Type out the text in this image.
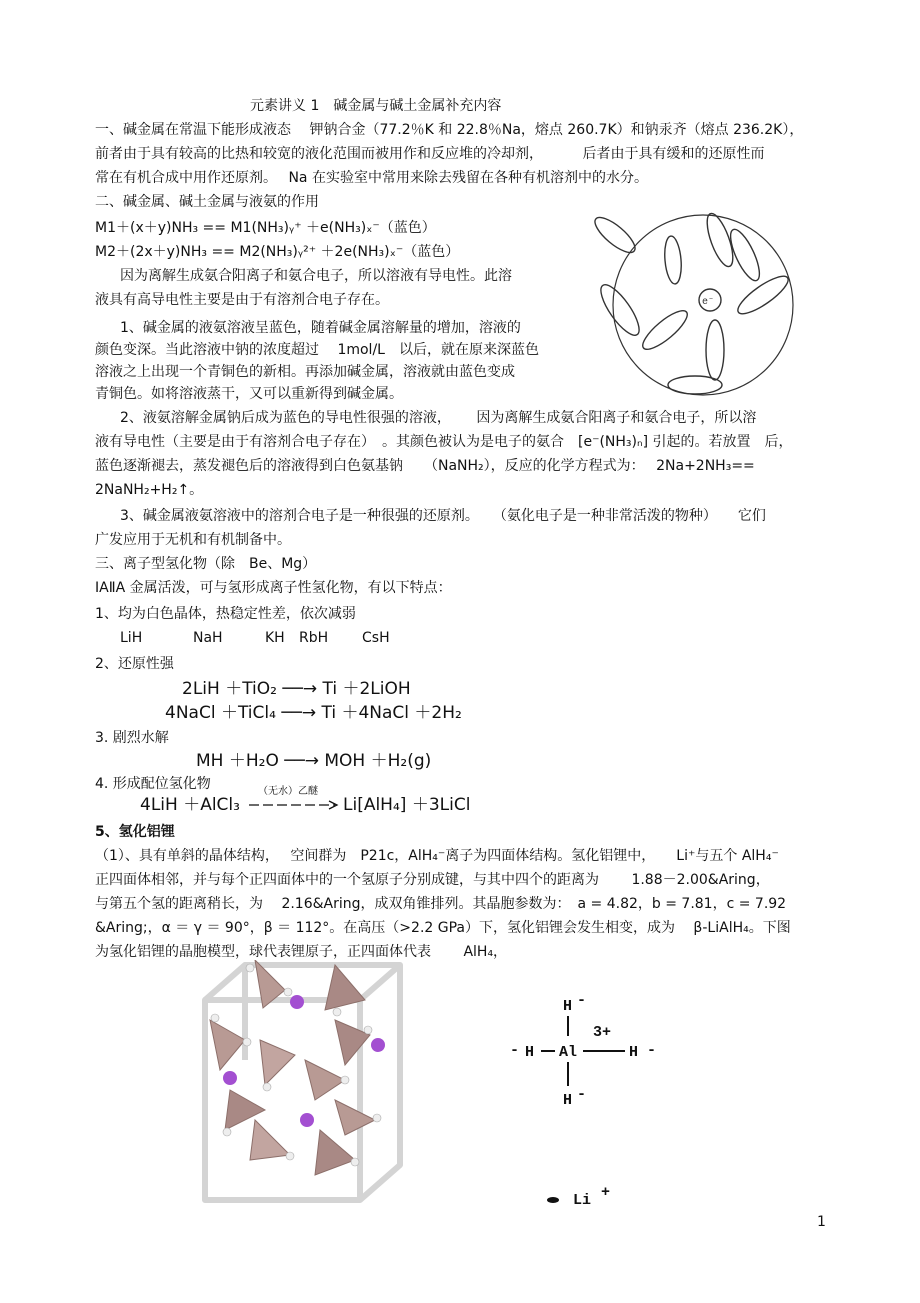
元素讲义 1　碱金属与碱土金属补充内容
一、碱金属在常温下能形成液态　 钾钠合金（77.2％K 和 22.8％Na，熔点 260.7K）和钠汞齐（熔点 236.2K），
前者由于具有较高的比热和较宽的液化范围而被用作和反应堆的冷却剂，　　　 后者由于具有缓和的还原性而
常在有机合成中用作还原剂。　 Na 在实验室中常用来除去残留在各种有机溶剂中的水分。
二、碱金属、碱土金属与液氨的作用
M1＋(x＋y)NH₃ == M1(NH₃)ᵧ⁺ ＋e(NH₃)ₓ⁻（蓝色）
M2＋(2x＋y)NH₃ == M2(NH₃)ᵧ²⁺ ＋2e(NH₃)ₓ⁻（蓝色）
因为离解生成氨合阳离子和氨合电子，所以溶液有导电性。此溶
液具有高导电性主要是由于有溶剂合电子存在。
1、碱金属的液氨溶液呈蓝色，随着碱金属溶解量的增加，溶液的
颜色变深。当此溶液中钠的浓度超过　 1mol/L　以后，就在原来深蓝色
溶液之上出现一个青铜色的新相。再添加碱金属，溶液就由蓝色变成
青铜色。如将溶液蒸干，又可以重新得到碱金属。
e⁻
2、液氨溶解金属钠后成为蓝色的导电性很强的溶液，　　 因为离解生成氨合阳离子和氨合电子，所以溶
液有导电性（主要是由于有溶剂合电子存在）　。其颜色被认为是电子的氨合　[e⁻(NH₃)ₙ] 引起的。若放置　后，
蓝色逐渐褪去，蒸发褪色后的溶液得到白色氨基钠　　（NaNH₂），反应的化学方程式为：　 2Na+2NH₃==
2NaNH₂+H₂↑。
3、碱金属液氨溶液中的溶剂合电子是一种很强的还原剂。　　（氨化电子是一种非常活泼的物种）　　它们
广发应用于无机和有机制备中。
三、离子型氢化物（除　Be、Mg）
ⅠAⅡA 金属活泼，可与氢形成离子性氢化物，有以下特点：
1、均为白色晶体，热稳定性差，依次减弱
LiH	NaH	KH RbH CsH
2、还原性强
2LiH ＋TiO₂ ──→ Ti ＋2LiOH
4NaCl ＋TiCl₄ ──→ Ti ＋4NaCl ＋2H₂
3. 剧烈水解
MH ＋H₂O ──→ MOH ＋H₂(g)
4. 形成配位氢化物
4LiH ＋AlCl₃
（无水）乙醚
Li[AlH₄] ＋3LiCl
5、氢化铝锂
（1）、具有单斜的晶体结构，　 空间群为　P21c，AlH₄⁻离子为四面体结构。氢化铝锂中，　　Li⁺与五个 AlH₄⁻
正四面体相邻，并与每个正四面体中的一个氢原子分别成键，与其中四个的距离为　　 1.88－2.00&Aring，
与第五个氢的距离稍长，为　 2.16&Aring，成双角锥排列。其晶胞参数为：　a = 4.82，b = 7.81，c = 7.92
&Aring;，α ＝ γ ＝ 90°，β ＝ 112°。在高压（>2.2 GPa）下，氢化铝锂会发生相变，成为　 β-LiAlH₄。下图
为氢化铝锂的晶胞模型，球代表锂原子，正四面体代表　　 AlH₄，
H -
3+
- H Al	H -
H -
Li +
1
